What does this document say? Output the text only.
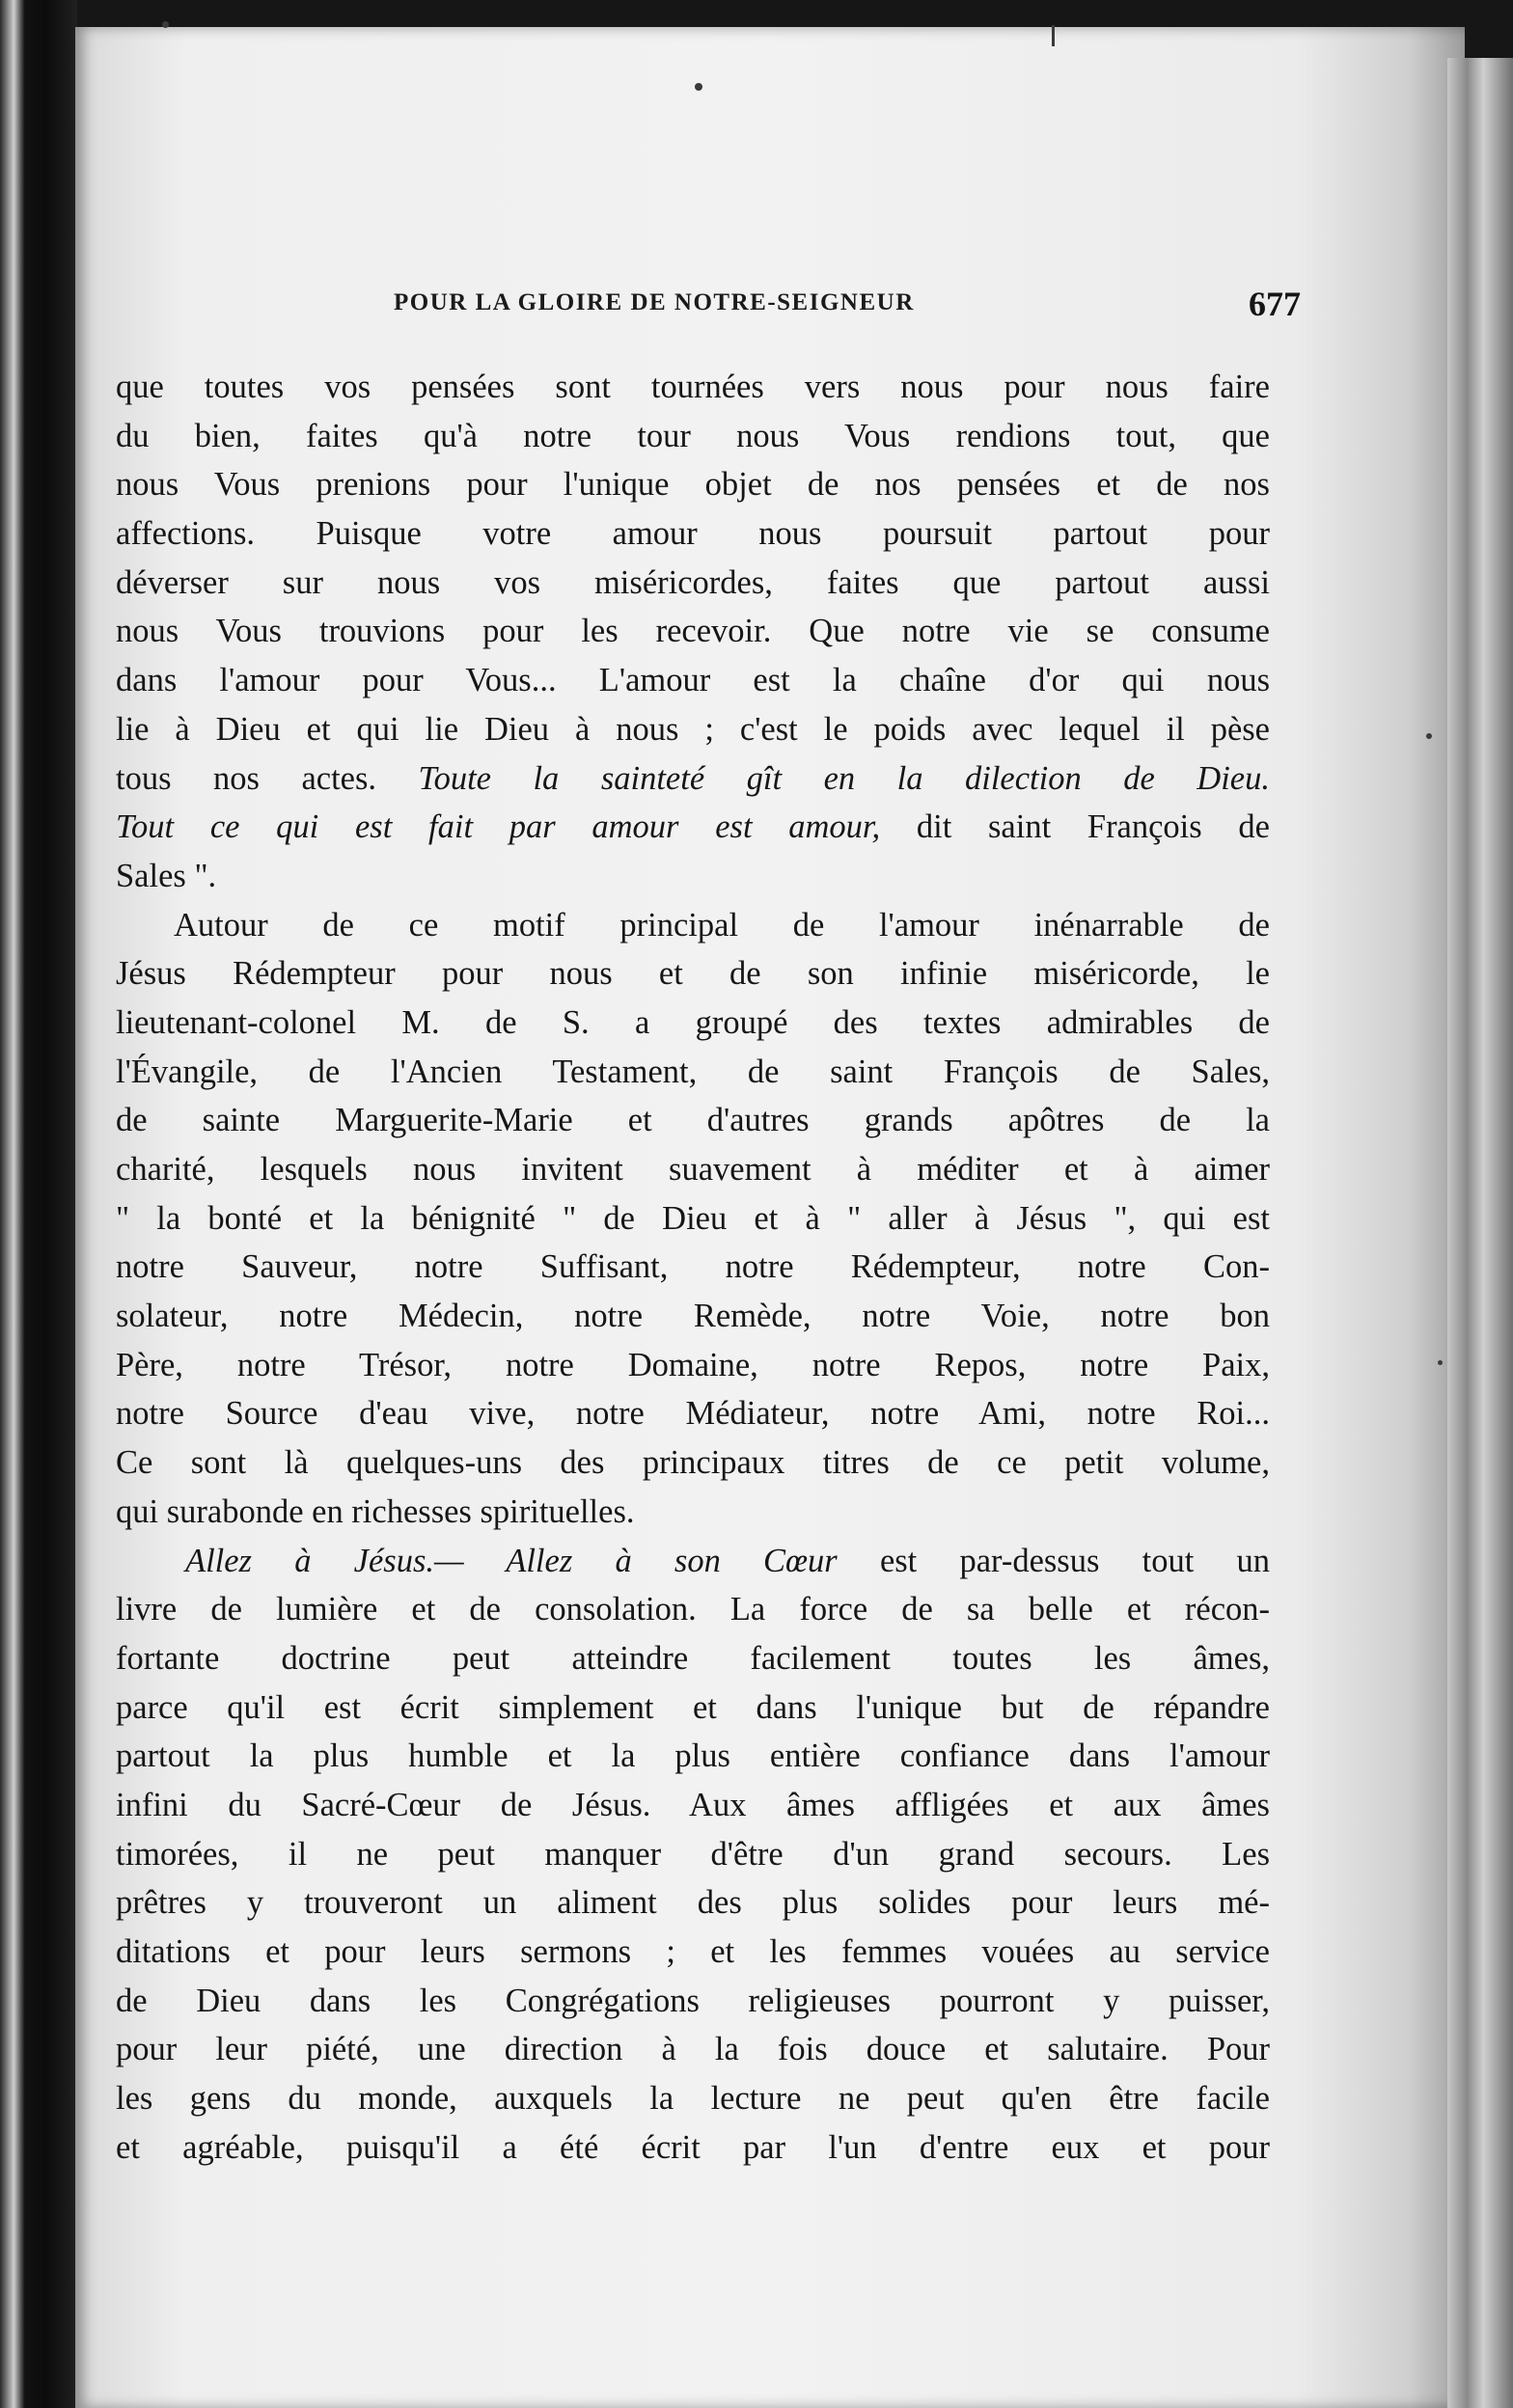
POUR LA GLOIRE DE NOTRE-SEIGNEUR	677
que toutes vos pensées sont tournées vers nous pour nous faire
du bien, faites qu'à notre tour nous Vous rendions tout, que
nous Vous prenions pour l'unique objet de nos pensées et de nos
affections. Puisque votre amour nous poursuit partout pour
déverser sur nous vos miséricordes, faites que partout aussi
nous Vous trouvions pour les recevoir. Que notre vie se consume
dans l'amour pour Vous... L'amour est la chaîne d'or qui nous
lie à Dieu et qui lie Dieu à nous ; c'est le poids avec lequel il pèse
tous nos actes. Toute la sainteté gît en la dilection de Dieu.
Tout ce qui est fait par amour est amour, dit saint François de
Sales ".
Autour de ce motif principal de l'amour inénarrable de
Jésus Rédempteur pour nous et de son infinie miséricorde, le
lieutenant-colonel M. de S. a groupé des textes admirables de
l'Évangile, de l'Ancien Testament, de saint François de Sales,
de sainte Marguerite-Marie et d'autres grands apôtres de la
charité, lesquels nous invitent suavement à méditer et à aimer
" la bonté et la bénignité " de Dieu et à " aller à Jésus ", qui est
notre Sauveur, notre Suffisant, notre Rédempteur, notre Con-
solateur, notre Médecin, notre Remède, notre Voie, notre bon
Père, notre Trésor, notre Domaine, notre Repos, notre Paix,
notre Source d'eau vive, notre Médiateur, notre Ami, notre Roi...
Ce sont là quelques-uns des principaux titres de ce petit volume,
qui surabonde en richesses spirituelles.
Allez à Jésus.— Allez à son Cœur est par-dessus tout un
livre de lumière et de consolation. La force de sa belle et récon-
fortante doctrine peut atteindre facilement toutes les âmes,
parce qu'il est écrit simplement et dans l'unique but de répandre
partout la plus humble et la plus entière confiance dans l'amour
infini du Sacré-Cœur de Jésus. Aux âmes affligées et aux âmes
timorées, il ne peut manquer d'être d'un grand secours. Les
prêtres y trouveront un aliment des plus solides pour leurs mé-
ditations et pour leurs sermons ; et les femmes vouées au service
de Dieu dans les Congrégations religieuses pourront y puisser,
pour leur piété, une direction à la fois douce et salutaire. Pour
les gens du monde, auxquels la lecture ne peut qu'en être facile
et agréable, puisqu'il a été écrit par l'un d'entre eux et pour
